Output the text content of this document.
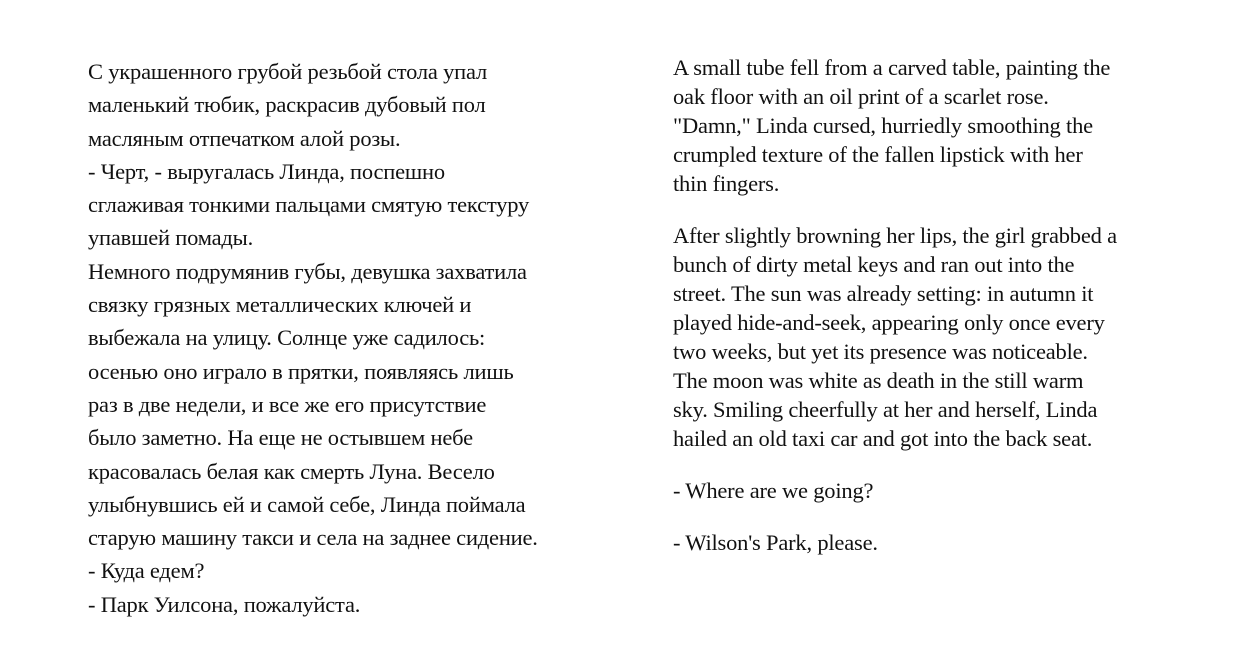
С украшенного грубой резьбой стола упал
маленький тюбик, раскрасив дубовый пол
масляным отпечатком алой розы.
- Черт, - выругалась Линда, поспешно
сглаживая тонкими пальцами смятую текстуру
упавшей помады.
Немного подрумянив губы, девушка захватила
связку грязных металлических ключей и
выбежала на улицу. Солнце уже садилось:
осенью оно играло в прятки, появляясь лишь
раз в две недели, и все же его присутствие
было заметно. На еще не остывшем небе
красовалась белая как смерть Луна. Весело
улыбнувшись ей и самой себе, Линда поймала
старую машину такси и села на заднее сидение.
- Куда едем?
- Парк Уилсона, пожалуйста.
A small tube fell from a carved table, painting the
oak floor with an oil print of a scarlet rose.
"Damn," Linda cursed, hurriedly smoothing the
crumpled texture of the fallen lipstick with her
thin fingers.
After slightly browning her lips, the girl grabbed a
bunch of dirty metal keys and ran out into the
street. The sun was already setting: in autumn it
played hide-and-seek, appearing only once every
two weeks, but yet its presence was noticeable.
The moon was white as death in the still warm
sky. Smiling cheerfully at her and herself, Linda
hailed an old taxi car and got into the back seat.
- Where are we going?
- Wilson's Park, please.
